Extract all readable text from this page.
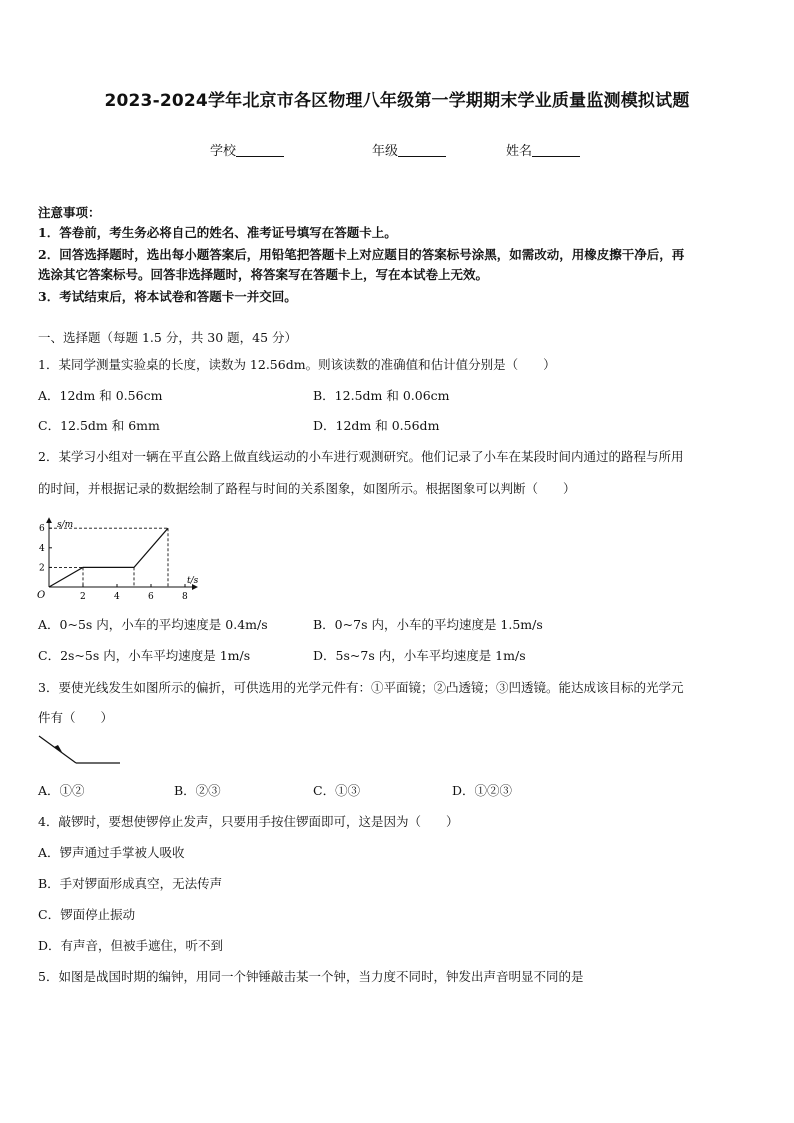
2023-2024学年北京市各区物理八年级第一学期期末学业质量监测模拟试题
学校	年级	姓名
注意事项：
1．答卷前，考生务必将自己的姓名、准考证号填写在答题卡上。
2．回答选择题时，选出每小题答案后，用铅笔把答题卡上对应题目的答案标号涂黑，如需改动，用橡皮擦干净后，再
选涂其它答案标号。回答非选择题时，将答案写在答题卡上，写在本试卷上无效。
3．考试结束后，将本试卷和答题卡一并交回。
一、选择题（每题 1.5 分，共 30 题，45 分）
1．某同学测量实验桌的长度，读数为 12.56dm。则该读数的准确值和估计值分别是（　　）
A．12dm 和 0.56cm	B．12.5dm 和 0.06cm
C．12.5dm 和 6mm	D．12dm 和 0.56dm
2．某学习小组对一辆在平直公路上做直线运动的小车进行观测研究。他们记录了小车在某段时间内通过的路程与所用
的时间，并根据记录的数据绘制了路程与时间的关系图象，如图所示。根据图象可以判断（　　）
s/m
t/s
O	2	4	6	8
2
4
6
A．0~5s 内，小车的平均速度是 0.4m/s	B．0~7s 内，小车的平均速度是 1.5m/s
C．2s~5s 内，小车平均速度是 1m/s	D．5s~7s 内，小车平均速度是 1m/s
3．要使光线发生如图所示的偏折，可供选用的光学元件有：①平面镜；②凸透镜；③凹透镜。能达成该目标的光学元
件有（　　）
A．①②	B．②③	C．①③	D．①②③
4．敲锣时，要想使锣停止发声，只要用手按住锣面即可，这是因为（　　）
A．锣声通过手掌被人吸收
B．手对锣面形成真空，无法传声
C．锣面停止振动
D．有声音，但被手遮住，听不到
5．如图是战国时期的编钟，用同一个钟锤敲击某一个钟，当力度不同时，钟发出声音明显不同的是
